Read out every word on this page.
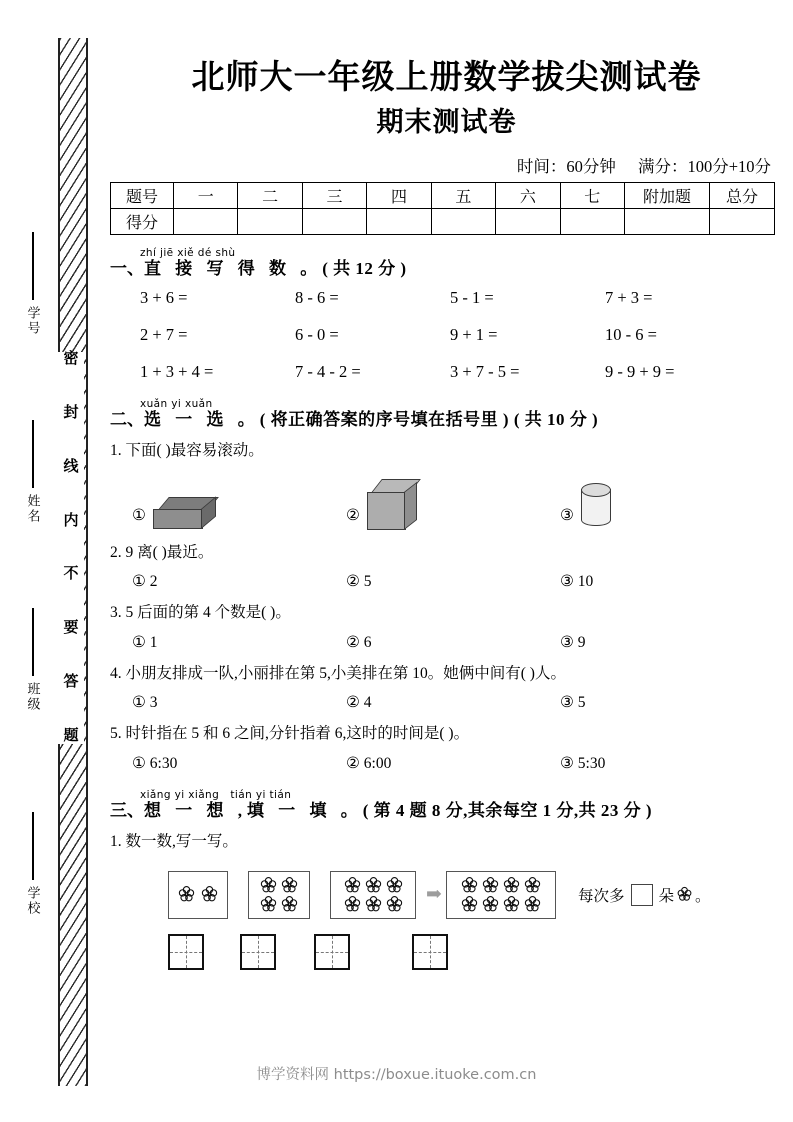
密
封
线
内
不
要
答
题
学号
姓名
班级
学校
北师大一年级上册数学拔尖测试卷
期末测试卷
时间：60分钟 满分：100分+10分
题号	一	二	三	四	五	六	七	附加题	总分
得分									
zhí jiē xiě dé shù
一、直 接 写 得 数 。( 共 12 分 )
3 + 6 =	8 - 6 =	5 - 1 =	7 + 3 =
2 + 7 =	6 - 0 =	9 + 1 =	10 - 6 =
1 + 3 + 4 =	7 - 4 - 2 =	3 + 7 - 5 =	9 - 9 + 9 =
xuǎn yi xuǎn
二、选 一 选 。( 将正确答案的序号填在括号里 ) ( 共 10 分 )
1. 下面( )最容易滚动。
①	②	③
2. 9 离( )最近。
① 2	② 5	③ 10
3. 5 后面的第 4 个数是( )。
① 1	② 6	③ 9
4. 小朋友排成一队,小丽排在第 5,小美排在第 10。她俩中间有( )人。
① 3	② 4	③ 5
5. 时针指在 5 和 6 之间,分针指着 6,这时的时间是( )。
① 6:30	② 6:00	③ 5:30
xiǎng yi xiǎng tián yi tián
三、想 一 想 ,填 一 填 。( 第 4 题 8 分,其余每空 1 分,共 23 分 )
1. 数一数,写一写。
➡	每次多 朵 。
博学资料网 https://boxue.ituoke.com.cn
